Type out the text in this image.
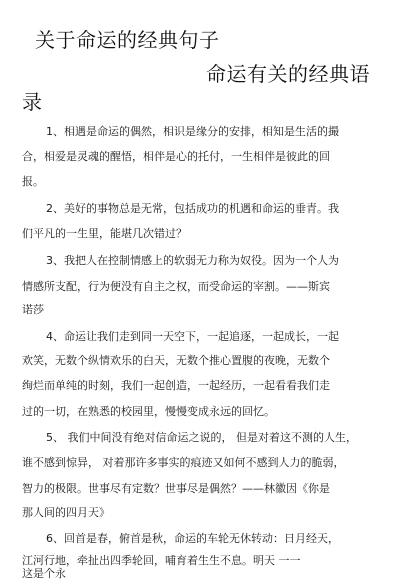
关于命运的经典句子
命运有关的经典语
录
1、相遇是命运的偶然，相识是缘分的安排，相知是生活的撮
合，相爱是灵魂的醒悟，相伴是心的托付，一生相伴是彼此的回
报。
2、美好的事物总是无常，包括成功的机遇和命运的垂青。我
们平凡的一生里，能堪几次错过？
3、我把人在控制情感上的软弱无力称为奴役。因为一个人为
情感所支配，行为便没有自主之权，而受命运的宰割。——斯宾
诺莎
4、命运让我们走到同一天空下，一起追逐，一起成长，一起
欢笑，无数个纵情欢乐的白天，无数个推心置腹的夜晚，无数个
绚烂而单纯的时刻，我们一起创造，一起经历，一起看看我们走
过的一切，在熟悉的校园里，慢慢变成永远的回忆。
5、 我们中间没有绝对信命运之说的， 但是对着这不测的人生，
谁不感到惊异， 对着那许多事实的痕迹又如何不感到人力的脆弱，
智力的极限。世事尽有定数？世事尽是偶然？——林徽因《你是
那人间的四月天》
6、回首是春，俯首是秋，命运的车轮无休转动：日月经天，
江河行地，牵扯出四季轮回，哺育着生生不息。明天 一一
这是个永
